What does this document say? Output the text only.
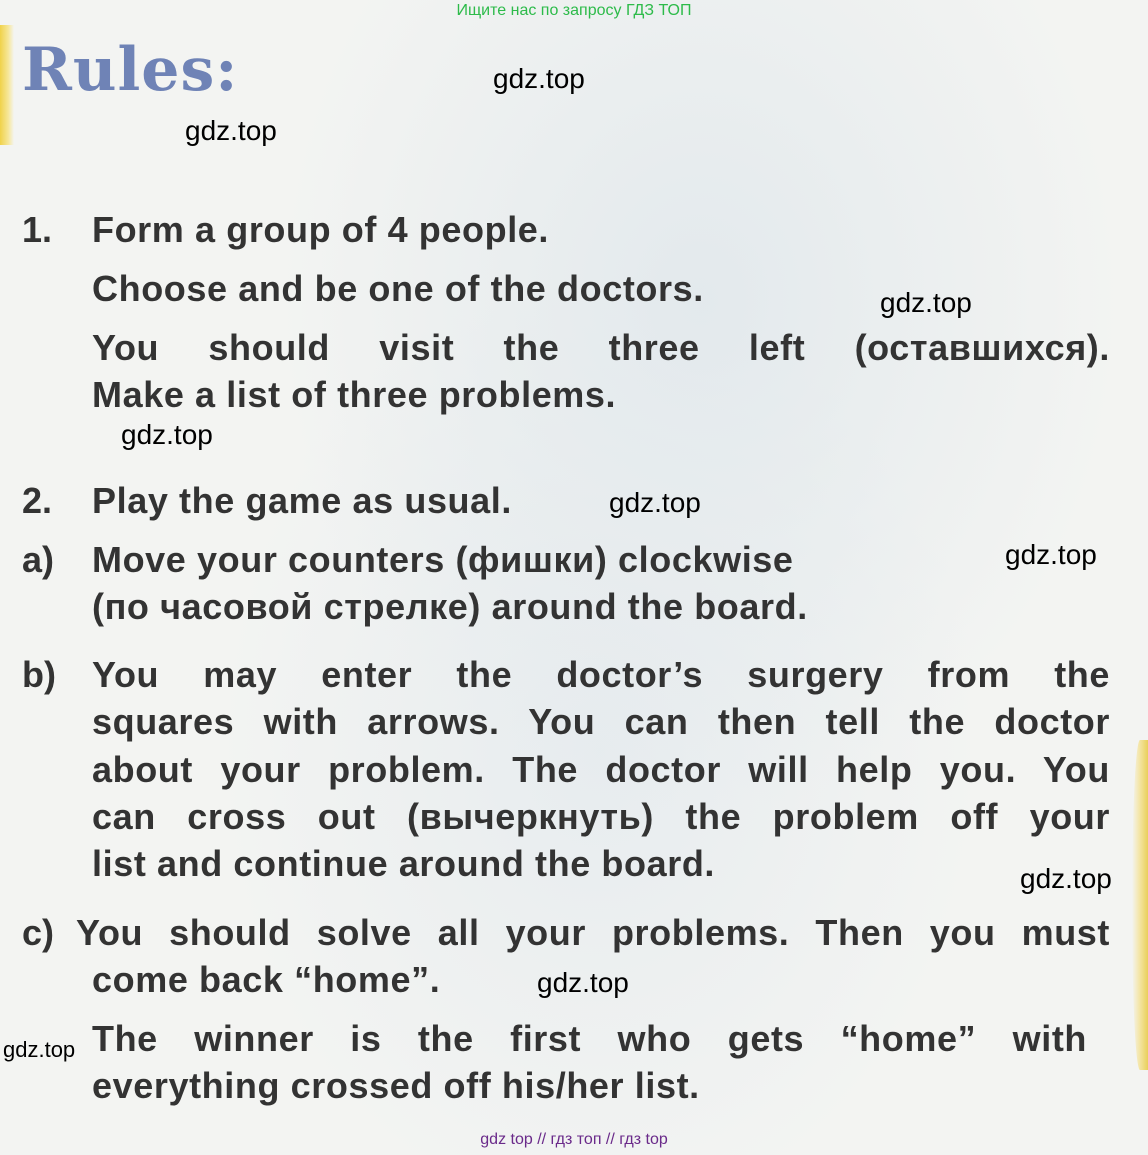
Ищите нас по запросу ГДЗ ТОП
Rules:

1. Form a group of 4 people.

Choose and be one of the doctors.

You should visit the three left (оставшихся).

Make a list of three problems.

2. Play the game as usual.

a) Move your counters (фишки) clockwise

(по часовой стрелке) around the board.

b) You may enter the doctor’s surgery from the

squares with arrows. You can then tell the doctor

about your problem. The doctor will help you. You

can cross out (вычеркнуть) the problem off your

list and continue around the board.

c) You should solve all your problems. Then you must

come back “home”.

The winner is the first who gets “home” with

everything crossed off his/her list.

gdz.top
gdz.top
gdz.top
gdz.top
gdz.top
gdz.top
gdz.top
gdz.top
gdz.top
gdz top // гдз топ // гдз top
